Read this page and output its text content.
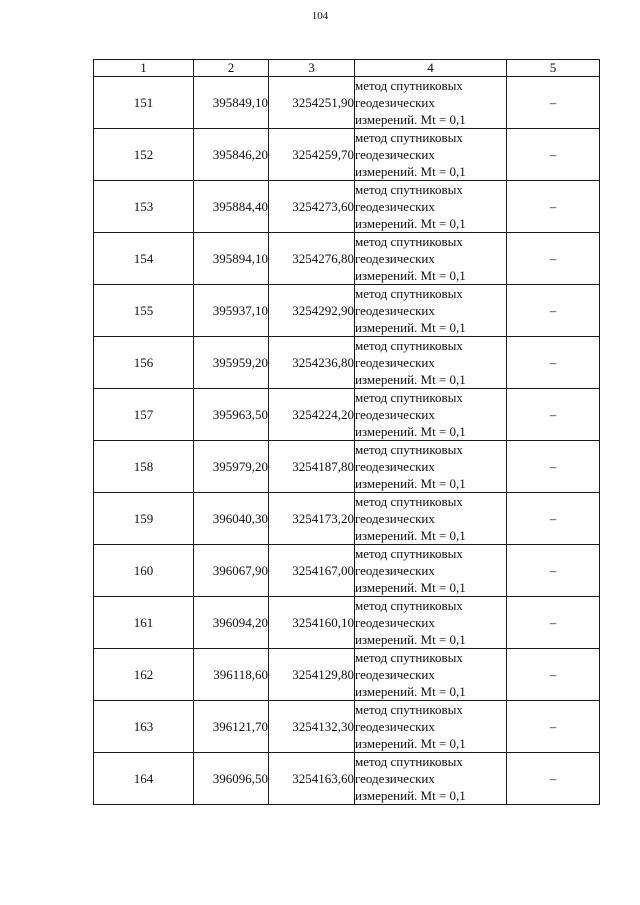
104
1	2	3	4	5
151	395849,10	3254251,90	метод спутниковых
геодезических
измерений. Mt = 0,1	–
152	395846,20	3254259,70	метод спутниковых
геодезических
измерений. Mt = 0,1	–
153	395884,40	3254273,60	метод спутниковых
геодезических
измерений. Mt = 0,1	–
154	395894,10	3254276,80	метод спутниковых
геодезических
измерений. Mt = 0,1	–
155	395937,10	3254292,90	метод спутниковых
геодезических
измерений. Mt = 0,1	–
156	395959,20	3254236,80	метод спутниковых
геодезических
измерений. Mt = 0,1	–
157	395963,50	3254224,20	метод спутниковых
геодезических
измерений. Mt = 0,1	–
158	395979,20	3254187,80	метод спутниковых
геодезических
измерений. Mt = 0,1	–
159	396040,30	3254173,20	метод спутниковых
геодезических
измерений. Mt = 0,1	–
160	396067,90	3254167,00	метод спутниковых
геодезических
измерений. Mt = 0,1	–
161	396094,20	3254160,10	метод спутниковых
геодезических
измерений. Mt = 0,1	–
162	396118,60	3254129,80	метод спутниковых
геодезических
измерений. Mt = 0,1	–
163	396121,70	3254132,30	метод спутниковых
геодезических
измерений. Mt = 0,1	–
164	396096,50	3254163,60	метод спутниковых
геодезических
измерений. Mt = 0,1	–
